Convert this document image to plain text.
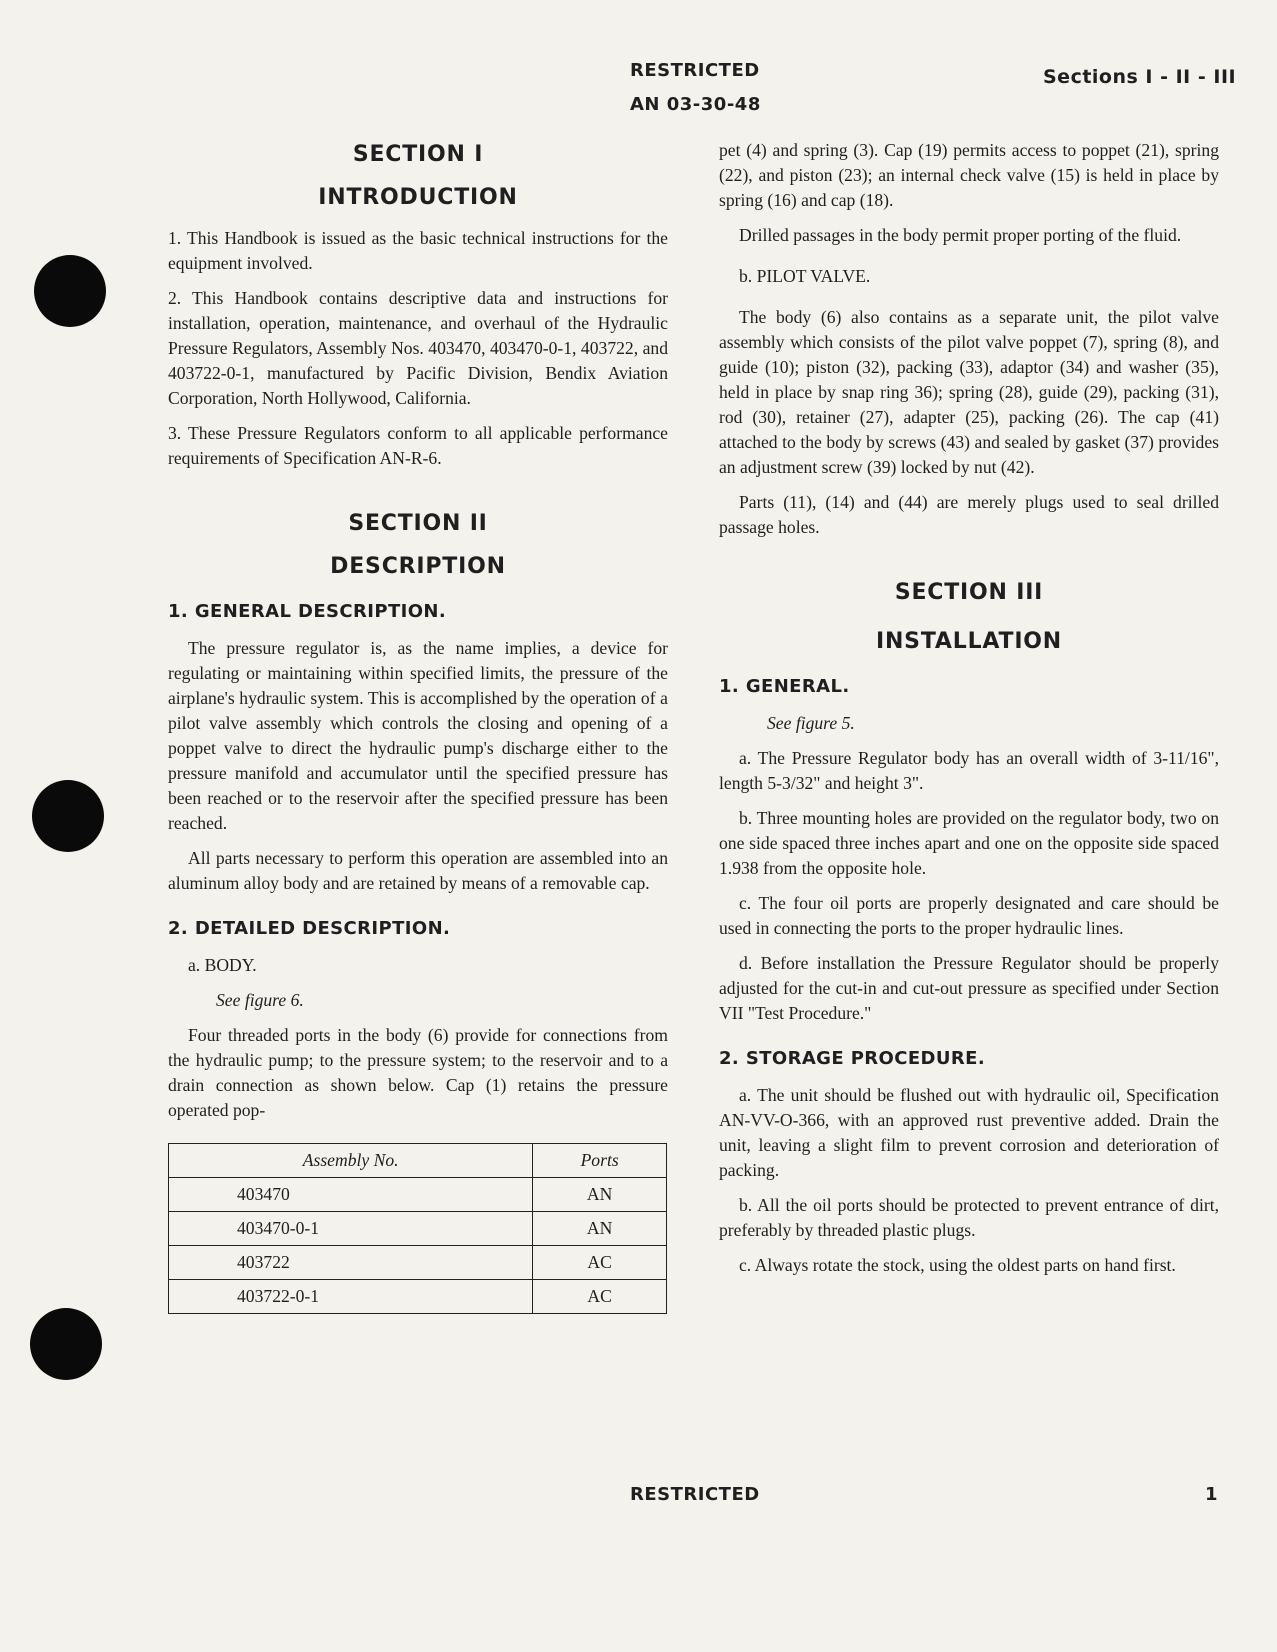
RESTRICTED
AN 03-30-48
Sections I - II - III
SECTION I
INTRODUCTION

1. This Handbook is issued as the basic technical instructions for the equipment involved.

2. This Handbook contains descriptive data and instructions for installation, operation, maintenance, and overhaul of the Hydraulic Pressure Regulators, Assembly Nos. 403470, 403470-0-1, 403722, and 403722-0-1, manufactured by Pacific Division, Bendix Aviation Corporation, North Hollywood, California.

3. These Pressure Regulators conform to all applicable performance requirements of Specification AN-R-6.

SECTION II
DESCRIPTION
1. GENERAL DESCRIPTION.

The pressure regulator is, as the name implies, a device for regulating or maintaining within specified limits, the pressure of the airplane's hydraulic system. This is accomplished by the operation of a pilot valve assembly which controls the closing and opening of a poppet valve to direct the hydraulic pump's discharge either to the pressure manifold and accumulator until the specified pressure has been reached or to the reservoir after the specified pressure has been reached.

All parts necessary to perform this operation are assembled into an aluminum alloy body and are retained by means of a removable cap.

2. DETAILED DESCRIPTION.

a. BODY.

See figure 6.

Four threaded ports in the body (6) provide for connections from the hydraulic pump; to the pressure system; to the reservoir and to a drain connection as shown below. Cap (1) retains the pressure operated pop-

Assembly No.	Ports
403470	AN
403470-0-1	AN
403722	AC
403722-0-1	AC

pet (4) and spring (3). Cap (19) permits access to poppet (21), spring (22), and piston (23); an internal check valve (15) is held in place by spring (16) and cap (18).

Drilled passages in the body permit proper porting of the fluid.

b. PILOT VALVE.

The body (6) also contains as a separate unit, the pilot valve assembly which consists of the pilot valve poppet (7), spring (8), and guide (10); piston (32), packing (33), adaptor (34) and washer (35), held in place by snap ring 36); spring (28), guide (29), packing (31), rod (30), retainer (27), adapter (25), packing (26). The cap (41) attached to the body by screws (43) and sealed by gasket (37) provides an adjustment screw (39) locked by nut (42).

Parts (11), (14) and (44) are merely plugs used to seal drilled passage holes.

SECTION III
INSTALLATION
1. GENERAL.

See figure 5.

a. The Pressure Regulator body has an overall width of 3-11/16", length 5-3/32" and height 3".

b. Three mounting holes are provided on the regulator body, two on one side spaced three inches apart and one on the opposite side spaced 1.938 from the opposite hole.

c. The four oil ports are properly designated and care should be used in connecting the ports to the proper hydraulic lines.

d. Before installation the Pressure Regulator should be properly adjusted for the cut-in and cut-out pressure as specified under Section VII "Test Procedure."

2. STORAGE PROCEDURE.

a. The unit should be flushed out with hydraulic oil, Specification AN-VV-O-366, with an approved rust preventive added. Drain the unit, leaving a slight film to prevent corrosion and deterioration of packing.

b. All the oil ports should be protected to prevent entrance of dirt, preferably by threaded plastic plugs.

c. Always rotate the stock, using the oldest parts on hand first.

RESTRICTED	1
